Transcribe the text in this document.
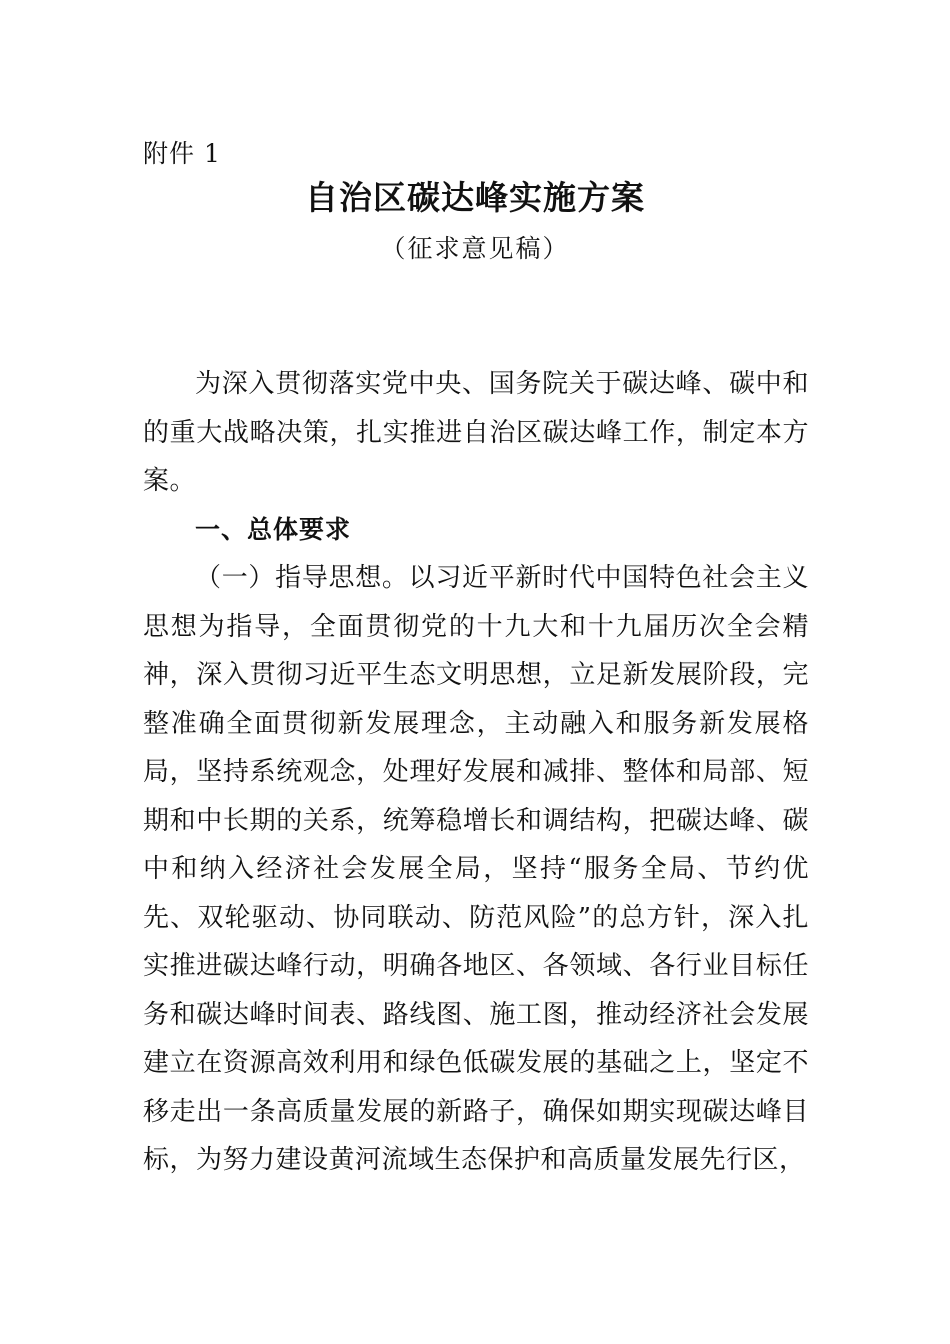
附件 1
自治区碳达峰实施方案
（征求意见稿）

为深入贯彻落实党中央、国务院关于碳达峰、碳中和的重大战略决策，扎实推进自治区碳达峰工作，制定本方案。

一、总体要求

（一）指导思想。以习近平新时代中国特色社会主义思想为指导，全面贯彻党的十九大和十九届历次全会精神，深入贯彻习近平生态文明思想，立足新发展阶段，完整准确全面贯彻新发展理念，主动融入和服务新发展格局，坚持系统观念，处理好发展和减排、整体和局部、短期和中长期的关系，统筹稳增长和调结构，把碳达峰、碳中和纳入经济社会发展全局，坚持“服务全局、节约优先、双轮驱动、协同联动、防范风险”的总方针，深入扎实推进碳达峰行动，明确各地区、各领域、各行业目标任务和碳达峰时间表、路线图、施工图，推动经济社会发展建立在资源高效利用和绿色低碳发展的基础之上，坚定不移走出一条高质量发展的新路子，确保如期实现碳达峰目标，为努力建设黄河流域生态保护和高质量发展先行区，
